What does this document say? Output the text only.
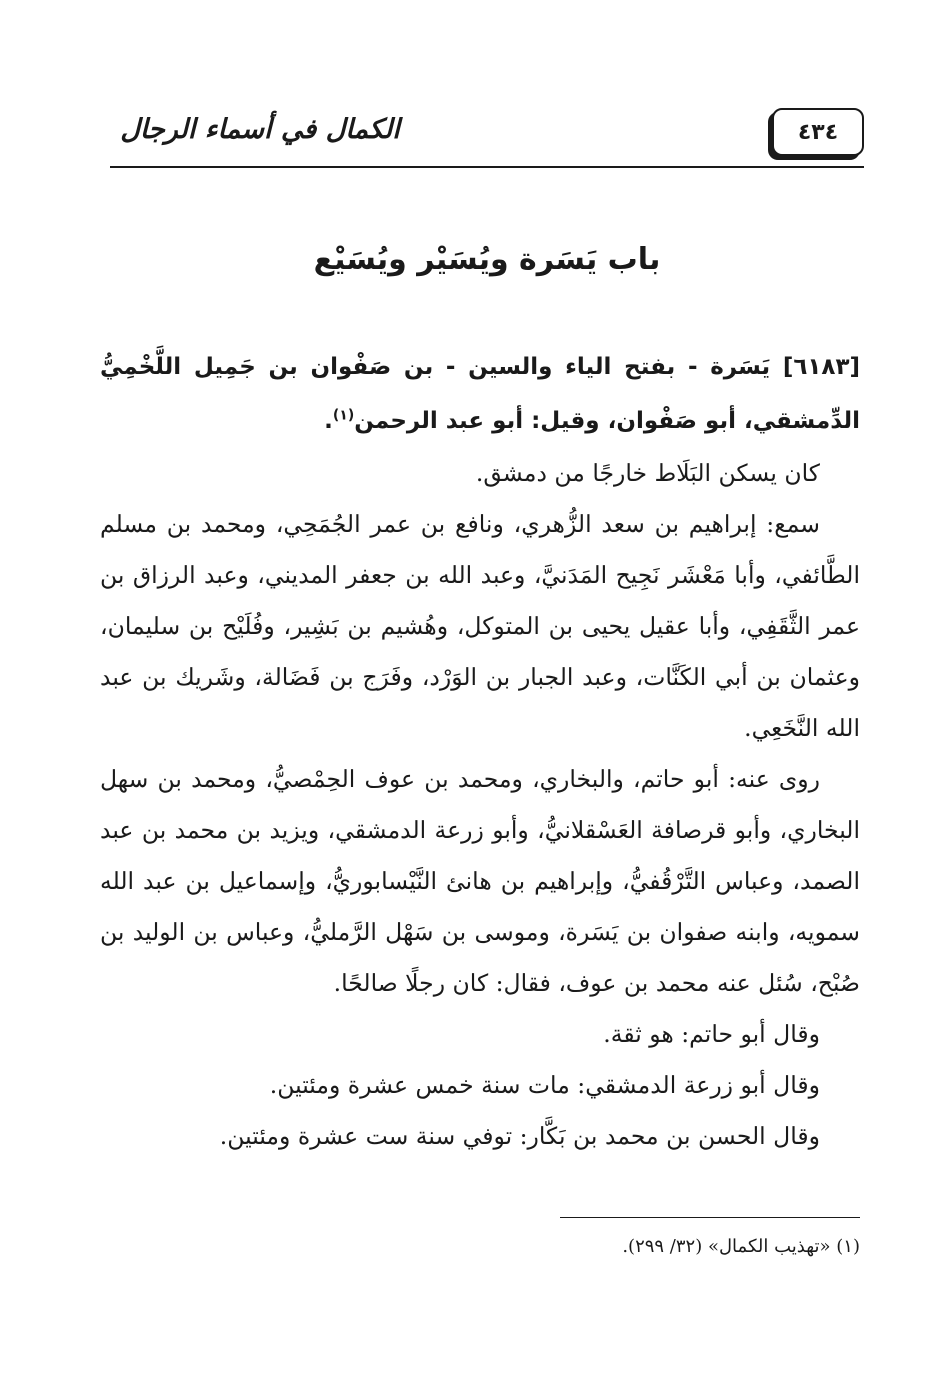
٤٣٤
الكمال في أسماء الرجال
باب يَسَرة ويُسَيْر ويُسَيْع

[٦١٨٣] يَسَرة - بفتح الياء والسين - بن صَفْوان بن جَمِيل اللَّخْمِيُّ الدِّمشقي، أبو صَفْوان، وقيل: أبو عبد الرحمن$^{(١)}$.

كان يسكن البَلَاط خارجًا من دمشق.

سمع: إبراهيم بن سعد الزُّهري، ونافع بن عمر الجُمَحِي، ومحمد بن مسلم الطَّائفي، وأبا مَعْشَر نَجِيح المَدَنيَّ، وعبد الله بن جعفر المديني، وعبد الرزاق بن عمر الثَّقَفِي، وأبا عقيل يحيى بن المتوكل، وهُشيم بن بَشِير، وفُلَيْح بن سليمان، وعثمان بن أبي الكَنَّات، وعبد الجبار بن الوَرْد، وفَرَج بن فَضَالة، وشَريك بن عبد الله النَّخَعِي.

روى عنه: أبو حاتم، والبخاري، ومحمد بن عوف الحِمْصيُّ، ومحمد بن سهل البخاري، وأبو قرصافة العَسْقلانيُّ، وأبو زرعة الدمشقي، ويزيد بن محمد بن عبد الصمد، وعباس التَّرْقُفيُّ، وإبراهيم بن هانئ النَّيْسابوريُّ، وإسماعيل بن عبد الله سمويه، وابنه صفوان بن يَسَرة، وموسى بن سَهْل الرَّمليُّ، وعباس بن الوليد بن صُبْح، سُئل عنه محمد بن عوف، فقال: كان رجلًا صالحًا.

وقال أبو حاتم: هو ثقة.

وقال أبو زرعة الدمشقي: مات سنة خمس عشرة ومئتين.

وقال الحسن بن محمد بن بَكَّار: توفي سنة ست عشرة ومئتين.

(١) «تهذيب الكمال» (٣٢/ ٢٩٩).
